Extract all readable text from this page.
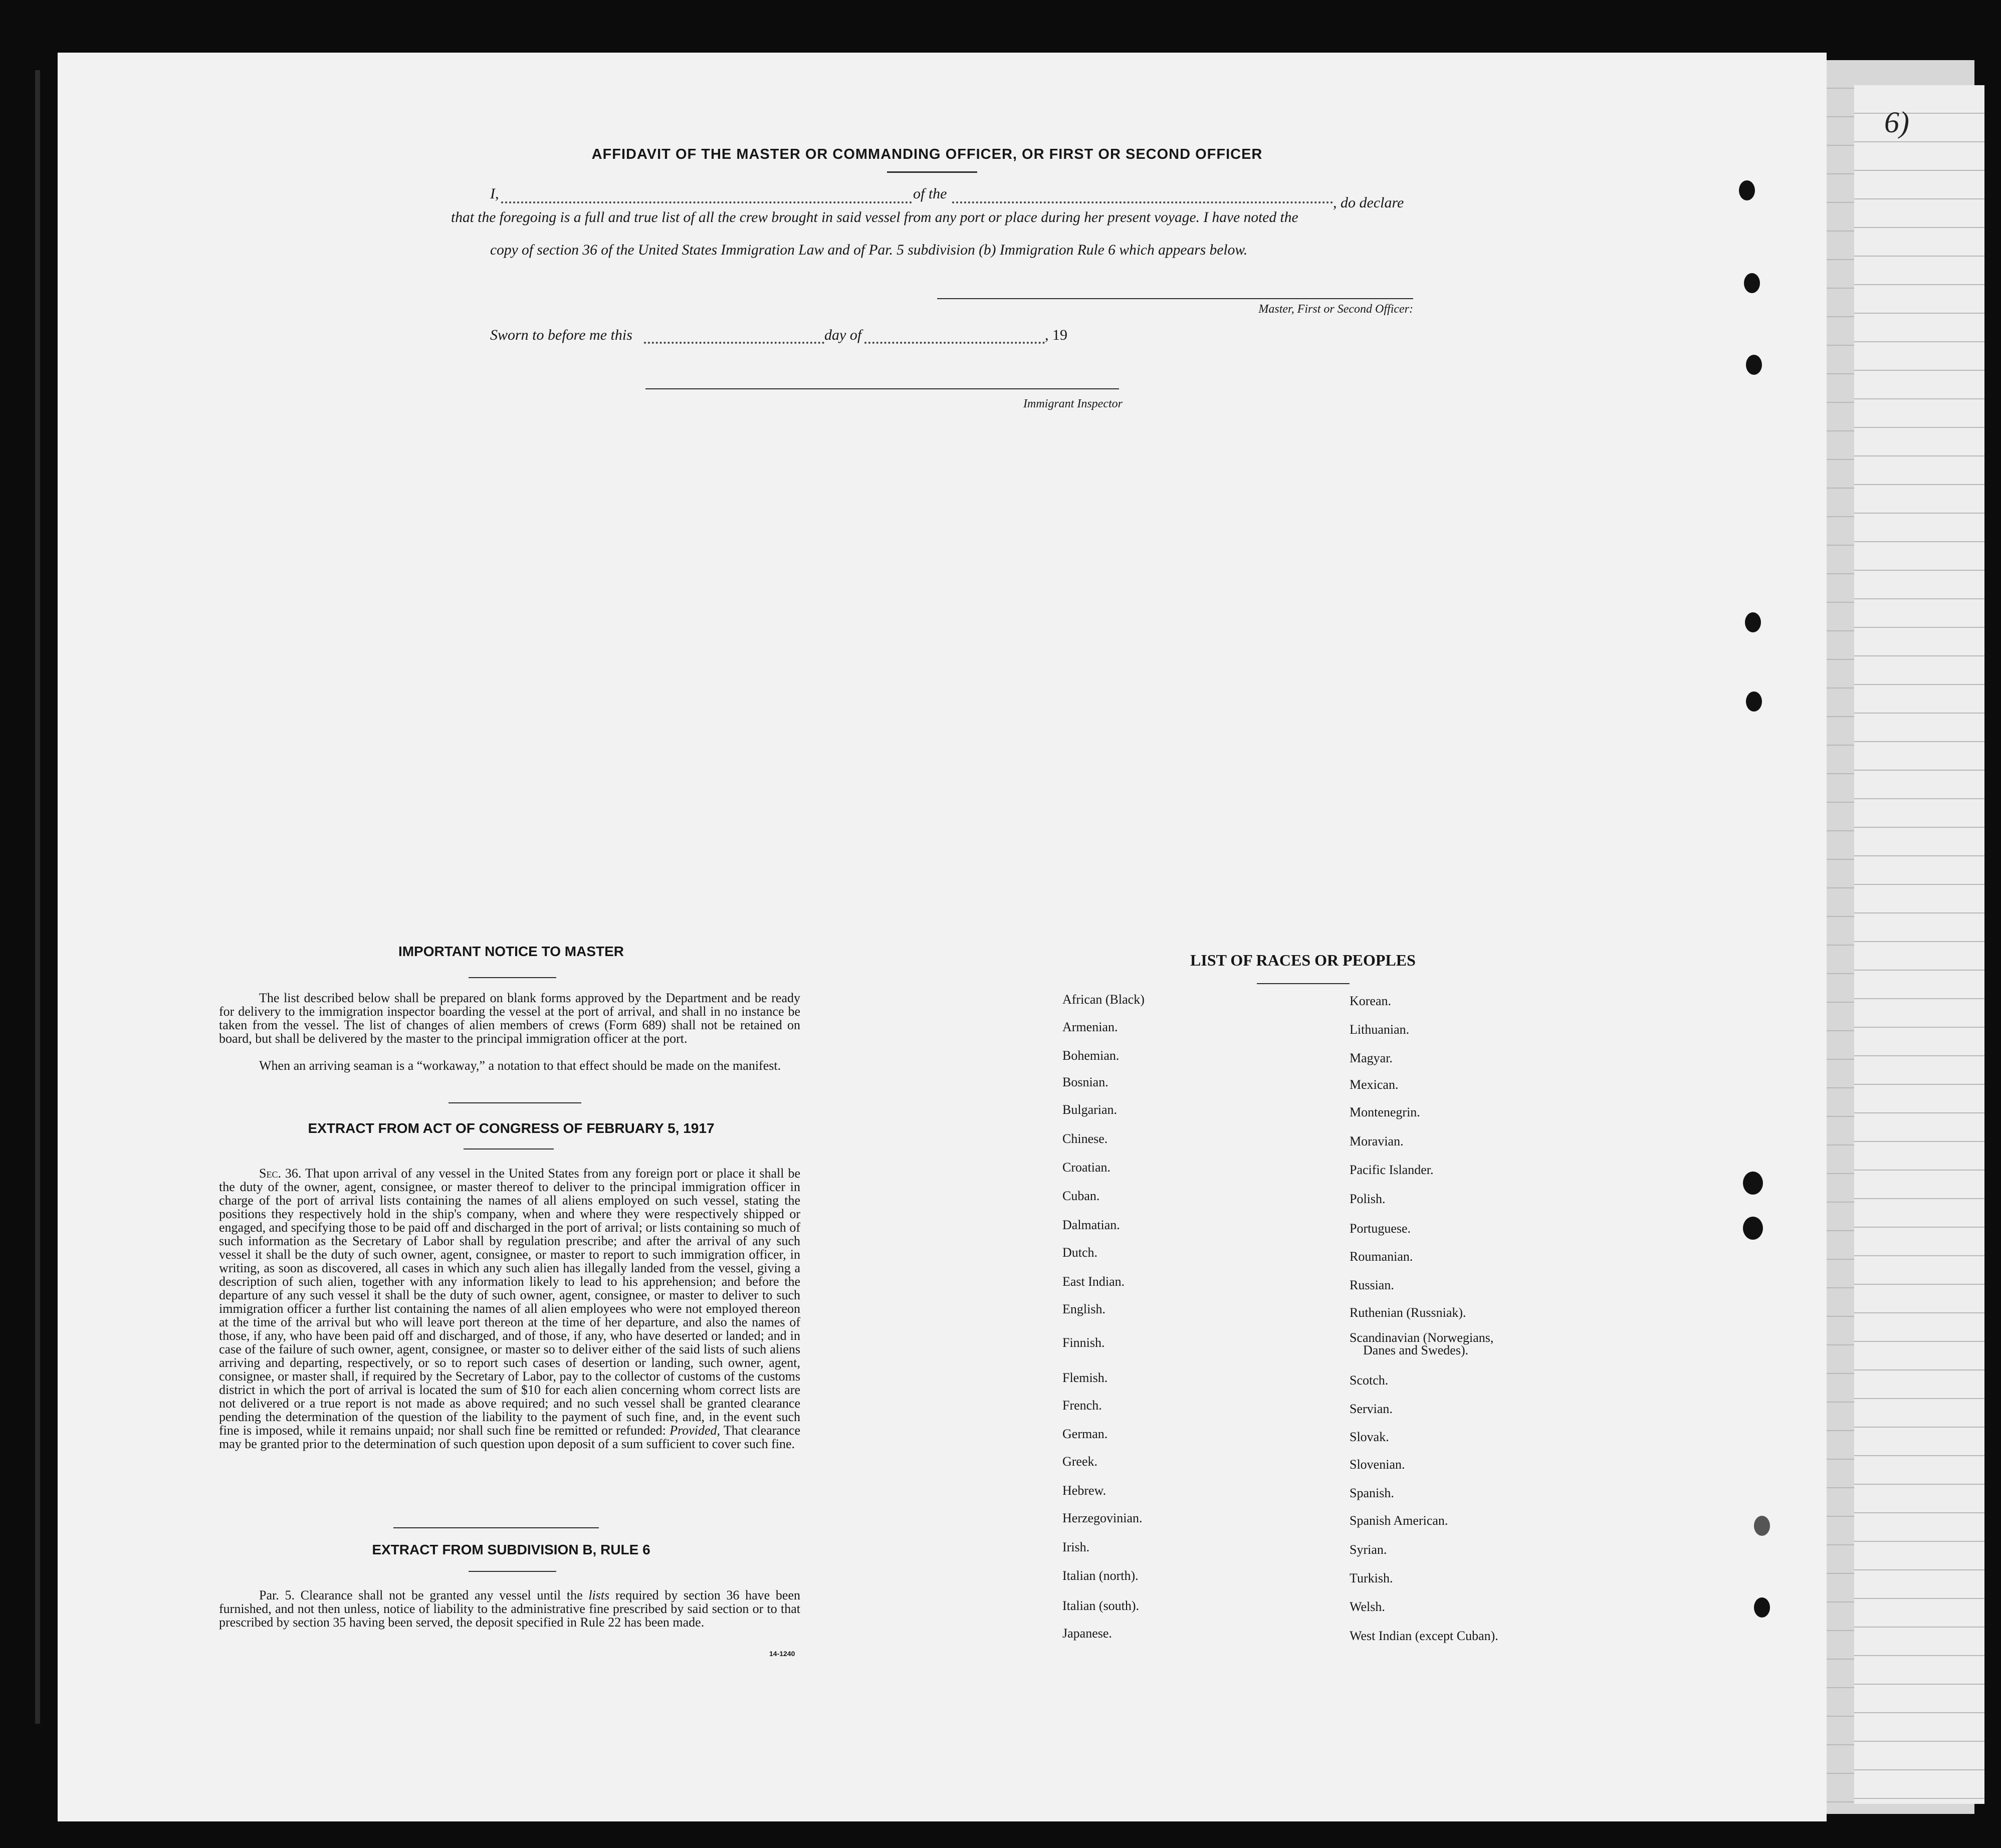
6)
AFFIDAVIT OF THE MASTER OR COMMANDING OFFICER, OR FIRST OR SECOND OFFICER
I,	of the
, do declare
that the foregoing is a full and true list of all the crew brought in said vessel from any port or place during her present voyage. I have noted the
copy of section 36 of the United States Immigration Law and of Par. 5 subdivision (b) Immigration Rule 6 which appears below.
Master, First or Second Officer:
Sworn to before me this	day of	, 19
Immigrant Inspector
IMPORTANT NOTICE TO MASTER
The list described below shall be prepared on blank forms approved by the Department and be ready for delivery to the immigration inspector boarding the vessel at the port of arrival, and shall in no instance be taken from the vessel. The list of changes of alien members of crews (Form 689) shall not be retained on board, but shall be delivered by the master to the principal immigration officer at the port.
When an arriving seaman is a “workaway,” a notation to that effect should be made on the manifest.
EXTRACT FROM ACT OF CONGRESS OF FEBRUARY 5, 1917
Sec. 36. That upon arrival of any vessel in the United States from any foreign port or place it shall be the duty of the owner, agent, consignee, or master thereof to deliver to the principal immigration officer in charge of the port of arrival lists containing the names of all aliens employed on such vessel, stating the positions they respectively hold in the ship's company, when and where they were respectively shipped or engaged, and specifying those to be paid off and discharged in the port of arrival; or lists containing so much of such information as the Secretary of Labor shall by regulation prescribe; and after the arrival of any such vessel it shall be the duty of such owner, agent, consignee, or master to report to such immigration officer, in writing, as soon as discovered, all cases in which any such alien has illegally landed from the vessel, giving a description of such alien, together with any information likely to lead to his apprehension; and before the departure of any such vessel it shall be the duty of such owner, agent, consignee, or master to deliver to such immigration officer a further list containing the names of all alien employees who were not employed thereon at the time of the arrival but who will leave port thereon at the time of her departure, and also the names of those, if any, who have been paid off and discharged, and of those, if any, who have deserted or landed; and in case of the failure of such owner, agent, consignee, or master so to deliver either of the said lists of such aliens arriving and departing, respectively, or so to report such cases of desertion or landing, such owner, agent, consignee, or master shall, if required by the Secretary of Labor, pay to the collector of customs of the customs district in which the port of arrival is located the sum of $10 for each alien concerning whom correct lists are not delivered or a true report is not made as above required; and no such vessel shall be granted clearance pending the determination of the question of the liability to the payment of such fine, and, in the event such fine is imposed, while it remains unpaid; nor shall such fine be remitted or refunded: Provided, That clearance may be granted prior to the determination of such question upon deposit of a sum sufficient to cover such fine.
EXTRACT FROM SUBDIVISION B, RULE 6
Par. 5. Clearance shall not be granted any vessel until the lists required by section 36 have been furnished, and not then unless, notice of liability to the administrative fine prescribed by said section or to that prescribed by section 35 having been served, the deposit specified in Rule 22 has been made.
14-1240
LIST OF RACES OR PEOPLES
African (Black)
Armenian.
Bohemian.
Bosnian.
Bulgarian.
Chinese.
Croatian.
Cuban.
Dalmatian.
Dutch.
East Indian.
English.
Finnish.
Flemish.
French.
German.
Greek.
Hebrew.
Herzegovinian.
Irish.
Italian (north).
Italian (south).
Japanese.
Korean.
Lithuanian.
Magyar.
Mexican.
Montenegrin.
Moravian.
Pacific Islander.
Polish.
Portuguese.
Roumanian.
Russian.
Ruthenian (Russniak).
Scandinavian (Norwegians,
Scotch.
Servian.
Slovak.
Slovenian.
Spanish.
Spanish American.
Syrian.
Turkish.
Welsh.
West Indian (except Cuban).
Danes and Swedes).
